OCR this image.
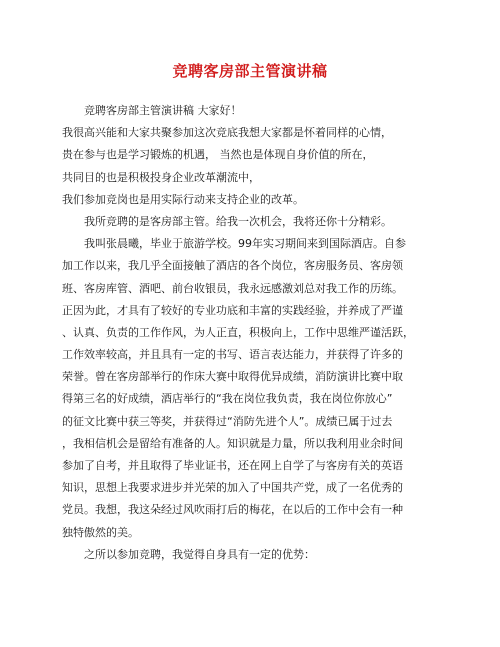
竞聘客房部主管演讲稿
竞聘客房部主管演讲稿 大家好！
我很高兴能和大家共聚参加这次竞底我想大家都是怀着同样的心情，
贵在参与也是学习锻炼的机遇， 当然也是体现自身价值的所在，
共同目的也是积极投身企业改革潮流中，
我们参加竞岗也是用实际行动来支持企业的改革。
我所竞聘的是客房部主管。给我一次机会，我将还你十分精彩。
我叫张晨曦，毕业于旅游学校。99年实习期间来到国际酒店。自参
加工作以来，我几乎全面接触了酒店的各个岗位，客房服务员、客房领
班、客房库管、酒吧、前台收银员，我永远感激刘总对我工作的历练。
正因为此，才具有了较好的专业功底和丰富的实践经验，并养成了严谨
、认真、负责的工作作风，为人正直，积极向上，工作中思维严谨活跃，
工作效率较高，并且具有一定的书写、语言表达能力，并获得了许多的
荣誉。曾在客房部举行的作床大赛中取得优异成绩，消防演讲比赛中取
得第三名的好成绩，酒店举行的“我在岗位我负责，我在岗位你放心”
的征文比赛中获三等奖，并获得过“消防先进个人”。成绩已属于过去
，我相信机会是留给有准备的人。知识就是力量，所以我利用业余时间
参加了自考，并且取得了毕业证书，还在网上自学了与客房有关的英语
知识，思想上我要求进步并光荣的加入了中国共产党，成了一名优秀的
党员。我想，我这朵经过风吹雨打后的梅花，在以后的工作中会有一种
独特傲然的美。
之所以参加竞聘，我觉得自身具有一定的优势：
